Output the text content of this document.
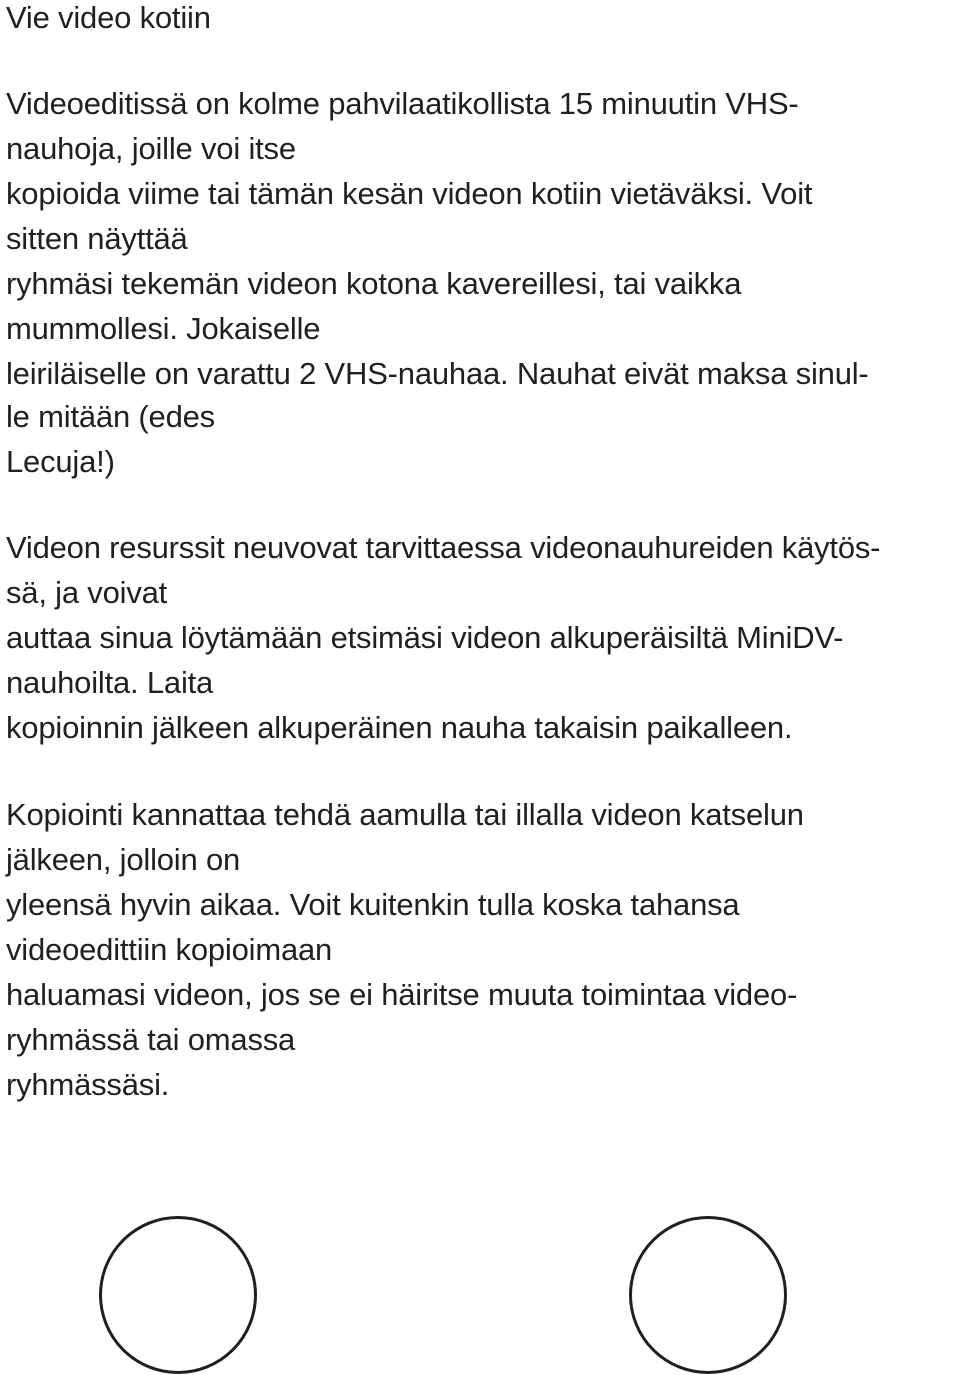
Vie video kotiin
Videoeditissä on kolme pahvilaatikollista 15 minuutin VHS-
nauhoja, joille voi itse
kopioida viime tai tämän kesän videon kotiin vietäväksi. Voit
sitten näyttää
ryhmäsi tekemän videon kotona kavereillesi, tai vaikka
mummollesi. Jokaiselle
leiriläiselle on varattu 2 VHS-nauhaa. Nauhat eivät maksa sinul-
le mitään (edes
Lecuja!)
Videon resurssit neuvovat tarvittaessa videonauhureiden käytös-
sä, ja voivat
auttaa sinua löytämään etsimäsi videon alkuperäisiltä MiniDV-
nauhoilta. Laita
kopioinnin jälkeen alkuperäinen nauha takaisin paikalleen.
Kopiointi kannattaa tehdä aamulla tai illalla videon katselun
jälkeen, jolloin on
yleensä hyvin aikaa. Voit kuitenkin tulla koska tahansa
videoedittiin kopioimaan
haluamasi videon, jos se ei häiritse muuta toimintaa video-
ryhmässä tai omassa
ryhmässäsi.
